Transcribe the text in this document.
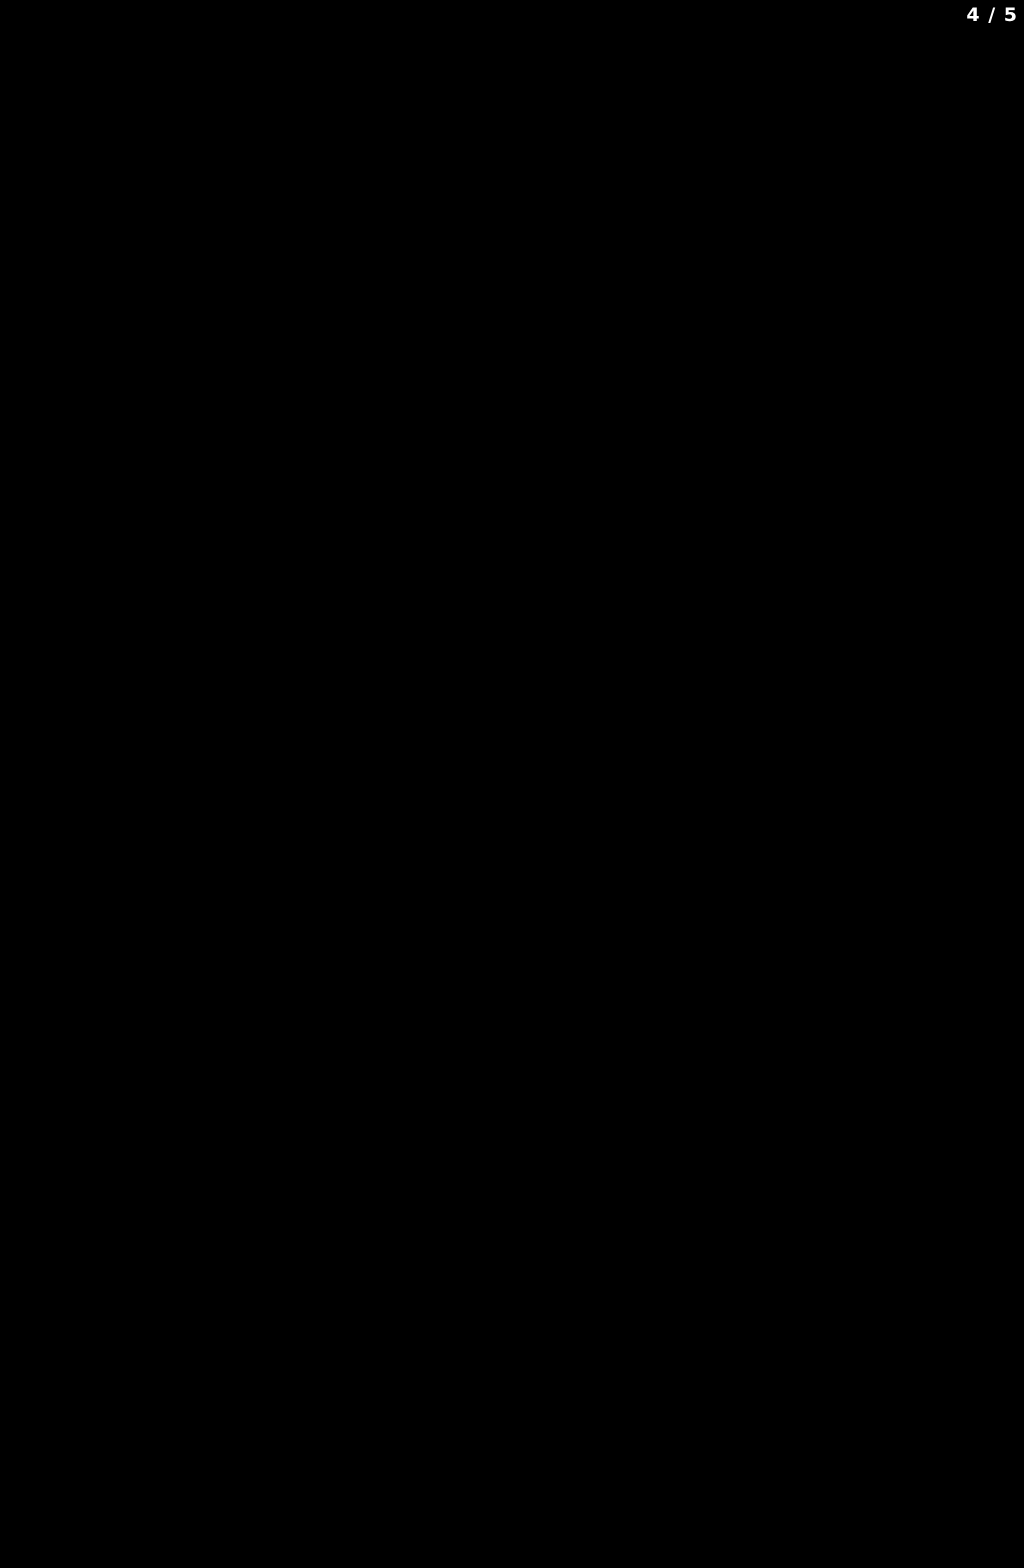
4 / 5
Psykolog, 5 dagar	30.000 kr
Dietist, 5 dagar	30.000 kr
Marknadspersonal, 1 dag	2.000 kr
Materialkostnader	5.000 kr
Summa projektkostnad som sökes 67.000 kr

1] Tiedje, K., Wieland, M.L., Meiers, S.J., Mohamed, A.A., Formea, C.M., Ridgeway, J.L., Asiedu, G.B., Boyum, G., Weis, J.A., Nigon, J.A., Patten, C.A. & Sia, I.G. 2014, "A focus group study of healthy eating knowledge, practices, and barriers among adult and adolescent immigrants and refugees in the United States", The international journal of behavioral nutrition and physical activity, vol. 11, no. 1, pp. 63-63.

2] Barry, D.T. & Garner, D.M. 2001, "Eating concerns in East Asian immigrants: Relationships between acculturation, self-construal, ethnic identity, gender, psychological functioning and eating concerns", Eating and Weight Disorders - Studies on Anorexia, Bulimia and Obesity, vol. 6, no. 2, pp. 90-98.

3] Statensfolkhälsoinstitut.Födelselandetsbetydelse – en rapport om hälsan hos olika invandrargrupper i Sverige 2002 Rapport 2002:29.

4] Terragni, L., Garnweidner, L.M., Pettersen, K.S. & Mosdøl, A. 2014, "Migration as a Turning Point in Food Habits: The Early Phase of Dietary Acculturation among Women from South Asian, African, and Middle Eastern Countries Living in Norway", Ecology of Food and Nutrition, vol. 53, no. 3, pp. 273-291.

5] Jensterle, M., Kocjan, T., Kravos, N.A., Pfeifer, M. & Janez, A. 2015, "Short-term intervention with liraglutide improved eating behavior in obese women with polycystic ovary syndrome", Endocrine Research, vol. 40, no. 3, pp. 133-138.

6] Socialstyrelsen. Självrapporterad hälsa hos personer med utländsk bakgrund – underlag till samlad redovisning av integrationspolitikens resultat. Stockholm: 2007.

7] Vallianatos, H. & Raine, K. 2008, "Consuming Food and Constructing Identities among Arabic and South Asian Immigrant Women", Food, Culture & Society, vol. 11, no. 3, pp. 355-373.

8] Nestle M. Food Politics: How the Food Industry Influences Nutrition and Health. Berkeley, CA: University of California Press; 2002
